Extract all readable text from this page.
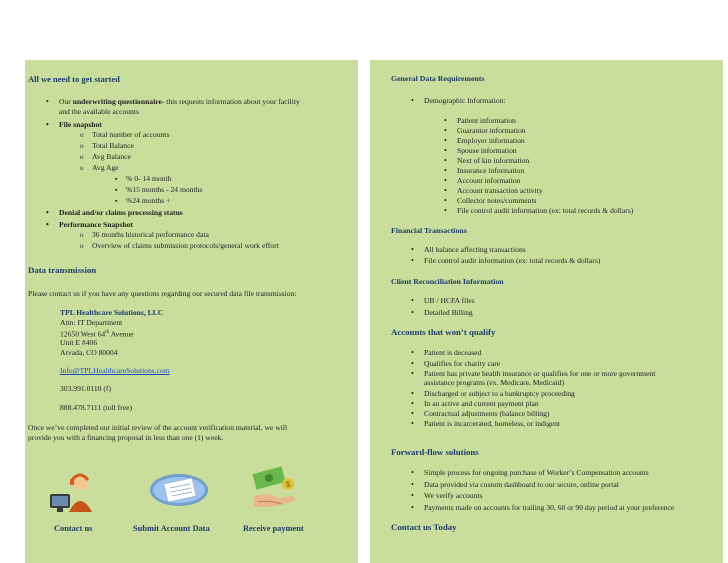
All we need to get started
• Our underwriting questionnaire- this requests information about your facility
and the available accounts
• File snapshot
o Total number of accounts
o Total Balance
o Avg Balance
o Avg Age
▪ % 0- 14 month
▪ %15 months - 24 months
▪ %24 months +
• Denial and/or claims processing status
• Performance Snapshot
o 36 months historical performance data
o Overview of claims submission protocols/general work effort
Data transmission
Please contact us if you have any questions regarding our secured data file transmission:
TPL Healthcare Solutions, LLC
Attn: IT Department
12650 West 64th Avenue
Unit E #406
Arvada, CO 80004
Info@TPLHealthcareSolutions.com
303.991.0110 (f)
888.478.7111 (toll free)
Once we’ve completed our initial review of the account verification material, we will
provide you with a financing proposal in less than one (1) week.
$
Contact us	Submit Account Data	Receive payment
General Data Requirements
• Demographic Information:
• Patient information
• Guarantor information
• Employer information
• Spouse information
• Next of kin information
• Insurance information
• Account information
• Account transaction activity
• Collector notes/comments
• File control audit information (ex: total records & dollars)
Financial Transactions
• All balance affecting transactions
• File control audit information (ex: total records & dollars)
Client Reconciliation Information
• UB / HCFA files
• Detailed Billing
Accounts that won’t qualify
• Patient is deceased
• Qualifies for charity care
• Patient has private health insurance or qualifies for one or more government
assistance programs (ex. Medicare, Medicaid)
• Discharged or subject to a bankruptcy proceeding
• In an active and current payment plan
• Contractual adjustments (balance billing)
• Patient is incarcerated, homeless, or indigent
Forward-flow solutions
• Simple process for ongoing purchase of Worker’s Compensation accounts
• Data provided via custom dashboard to our secure, online portal
• We verify accounts
• Payments made on accounts for trailing 30, 60 or 90 day period at your preference
Contact us Today
